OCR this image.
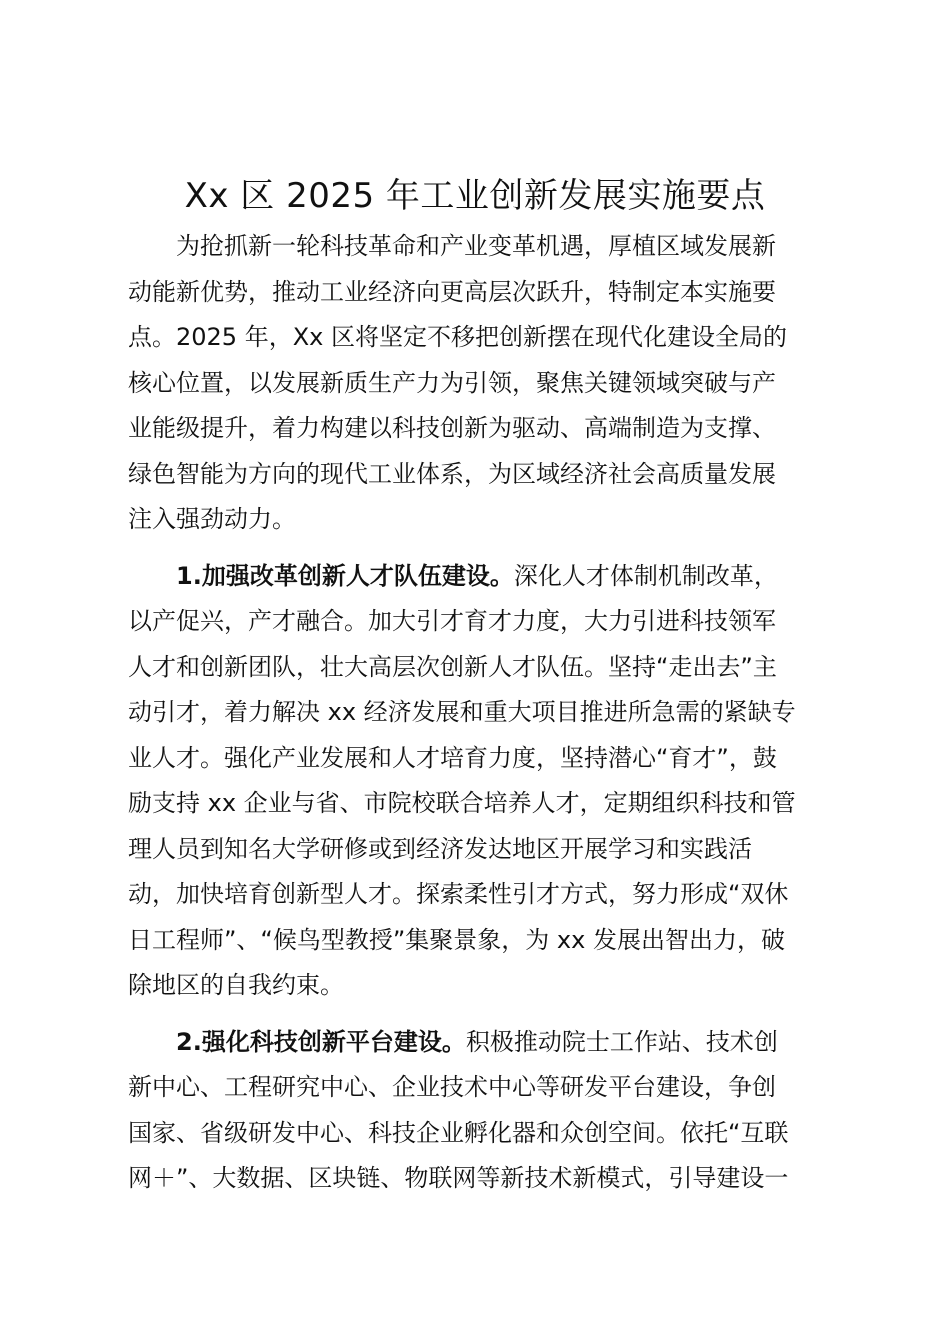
Xx 区 2025 年工业创新发展实施要点
为抢抓新一轮科技革命和产业变革机遇，厚植区域发展新
动能新优势，推动工业经济向更高层次跃升，特制定本实施要
点。2025 年，Xx 区将坚定不移把创新摆在现代化建设全局的
核心位置，以发展新质生产力为引领，聚焦关键领域突破与产
业能级提升，着力构建以科技创新为驱动、高端制造为支撑、
绿色智能为方向的现代工业体系，为区域经济社会高质量发展
注入强劲动力。
1.加强改革创新人才队伍建设。深化人才体制机制改革，
以产促兴，产才融合。加大引才育才力度，大力引进科技领军
人才和创新团队，壮大高层次创新人才队伍。坚持“走出去”主
动引才，着力解决 xx 经济发展和重大项目推进所急需的紧缺专
业人才。强化产业发展和人才培育力度，坚持潜心“育才”，鼓
励支持 xx 企业与省、市院校联合培养人才，定期组织科技和管
理人员到知名大学研修或到经济发达地区开展学习和实践活
动，加快培育创新型人才。探索柔性引才方式，努力形成“双休
日工程师”、“候鸟型教授”集聚景象，为 xx 发展出智出力，破
除地区的自我约束。
2.强化科技创新平台建设。积极推动院士工作站、技术创
新中心、工程研究中心、企业技术中心等研发平台建设，争创
国家、省级研发中心、科技企业孵化器和众创空间。依托“互联
网＋”、大数据、区块链、物联网等新技术新模式，引导建设一
